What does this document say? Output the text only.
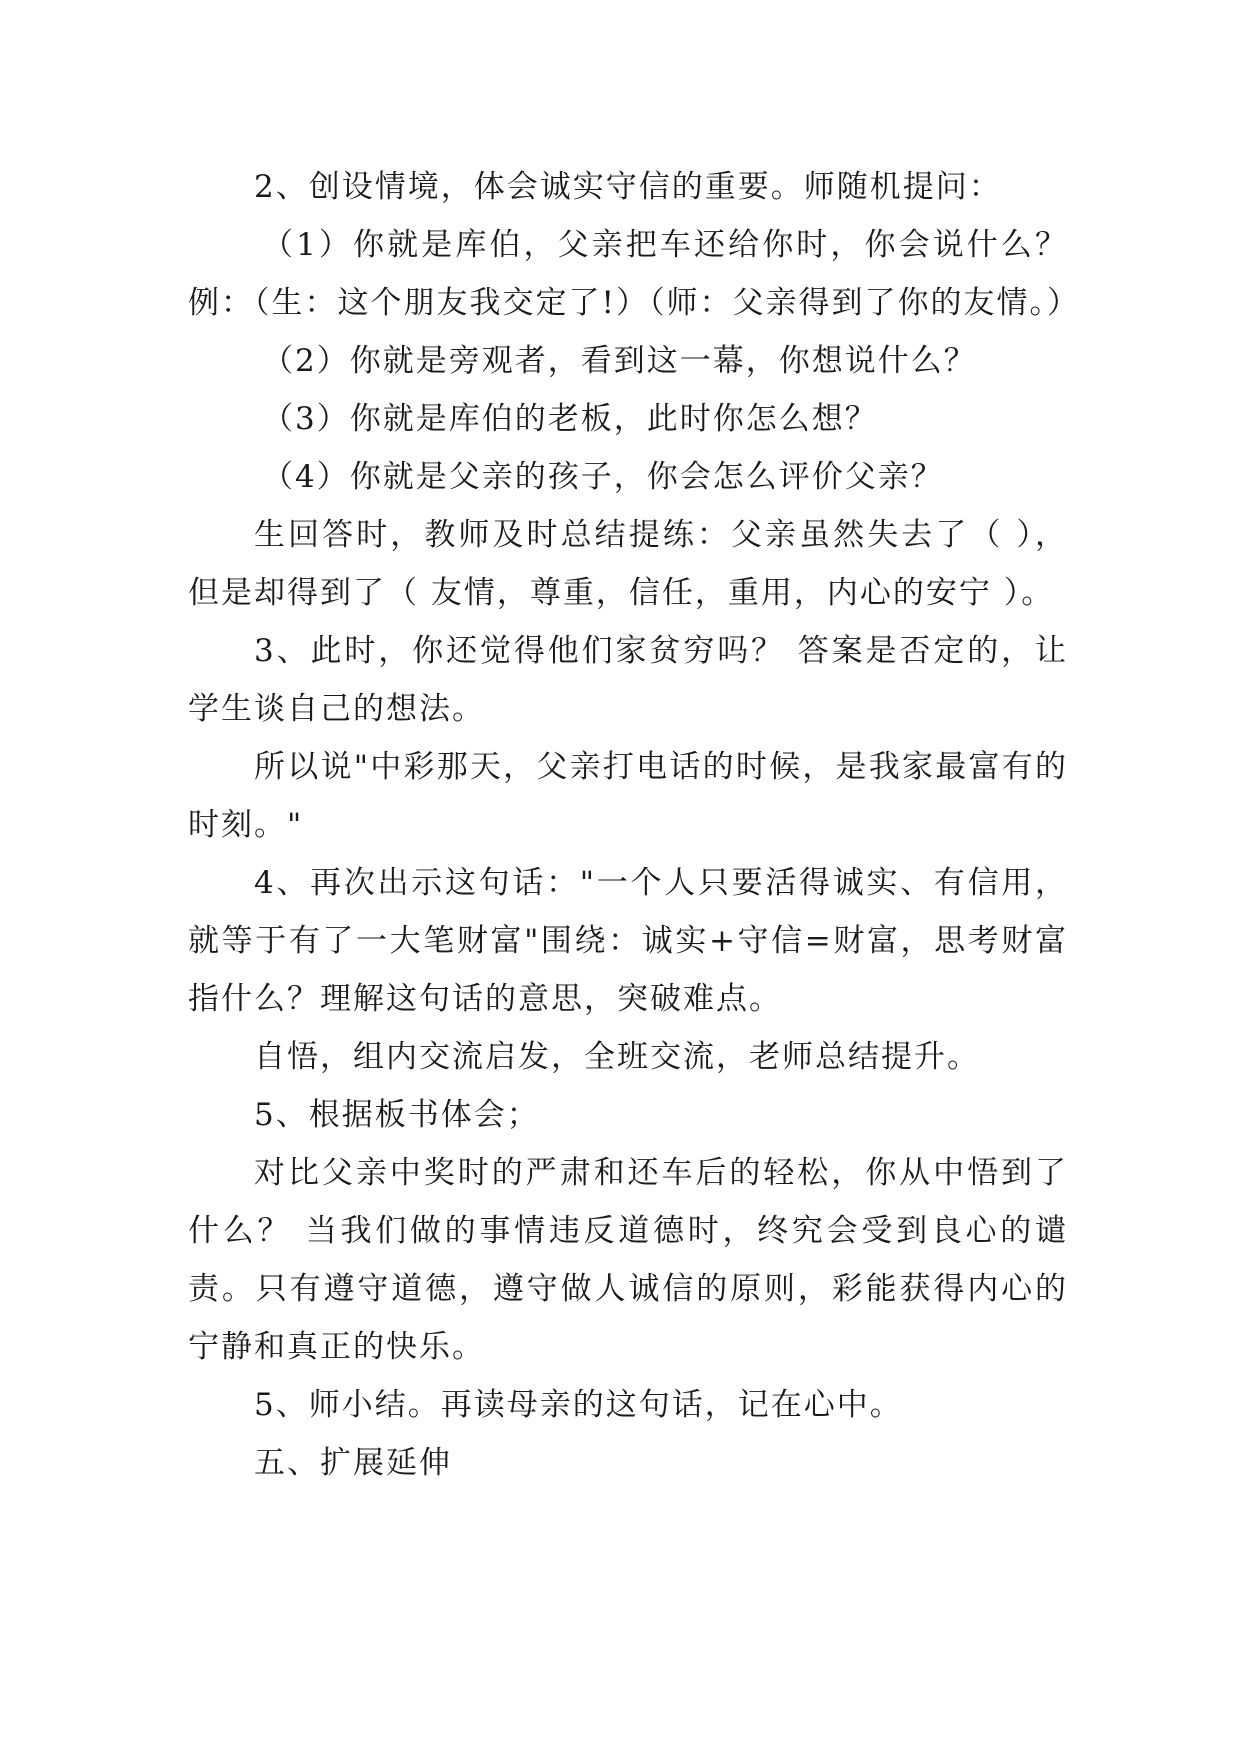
2、创设情境，体会诚实守信的重要。师随机提问：

（1）你就是库伯，父亲把车还给你时，你会说什么？例：（生：这个朋友我交定了!）（师：父亲得到了你的友情。）

（2）你就是旁观者，看到这一幕，你想说什么？

（3）你就是库伯的老板，此时你怎么想？

（4）你就是父亲的孩子，你会怎么评价父亲？

生回答时，教师及时总结提练：父亲虽然失去了（ ），但是却得到了（ 友情，尊重，信任，重用，内心的安宁 ）。

3、此时，你还觉得他们家贫穷吗？ 答案是否定的，让学生谈自己的想法。

所以说"中彩那天，父亲打电话的时候，是我家最富有的时刻。"

4、再次出示这句话："一个人只要活得诚实、有信用，就等于有了一大笔财富"围绕：诚实+守信=财富，思考财富指什么？理解这句话的意思，突破难点。

自悟，组内交流启发，全班交流，老师总结提升。

5、根据板书体会；

对比父亲中奖时的严肃和还车后的轻松，你从中悟到了什么？ 当我们做的事情违反道德时，终究会受到良心的谴责。只有遵守道德，遵守做人诚信的原则，彩能获得内心的宁静和真正的快乐。

5、师小结。再读母亲的这句话，记在心中。

五、扩展延伸
